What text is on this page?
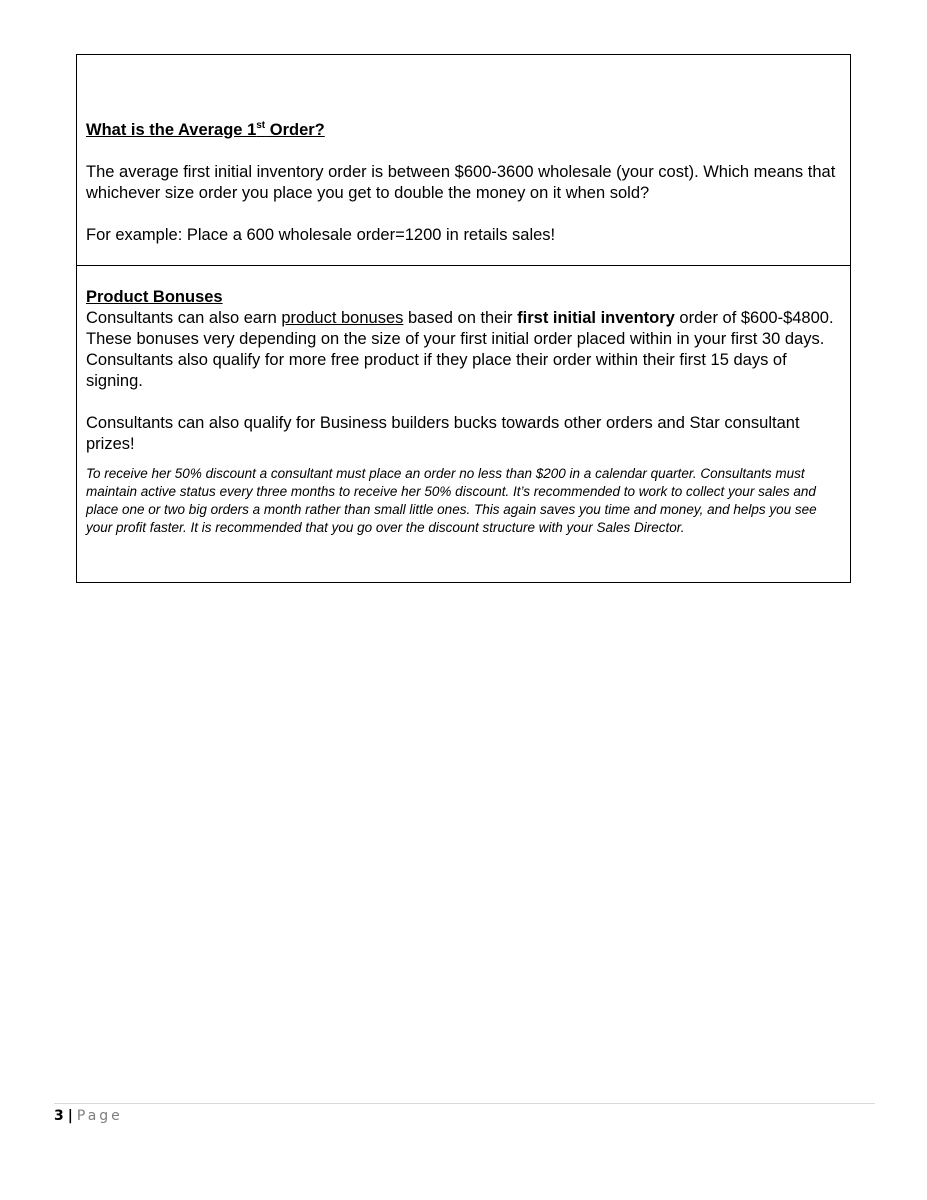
What is the Average 1st Order?

The average first initial inventory order is between $600-3600 wholesale (your cost). Which means that whichever size order you place you get to double the money on it when sold?

For example: Place a 600 wholesale order=1200 in retails sales!

Product Bonuses

Consultants can also earn product bonuses based on their first initial inventory order of $600-$4800. These bonuses very depending on the size of your first initial order placed within in your first 30 days. Consultants also qualify for more free product if they place their order within their first 15 days of signing.

Consultants can also qualify for Business builders bucks towards other orders and Star consultant prizes!

To receive her 50% discount a consultant must place an order no less than $200 in a calendar quarter. Consultants must maintain active status every three months to receive her 50% discount. It’s recommended to work to collect your sales and place one or two big orders a month rather than small little ones. This again saves you time and money, and helps you see your profit faster. It is recommended that you go over the discount structure with your Sales Director.

3 | Page
